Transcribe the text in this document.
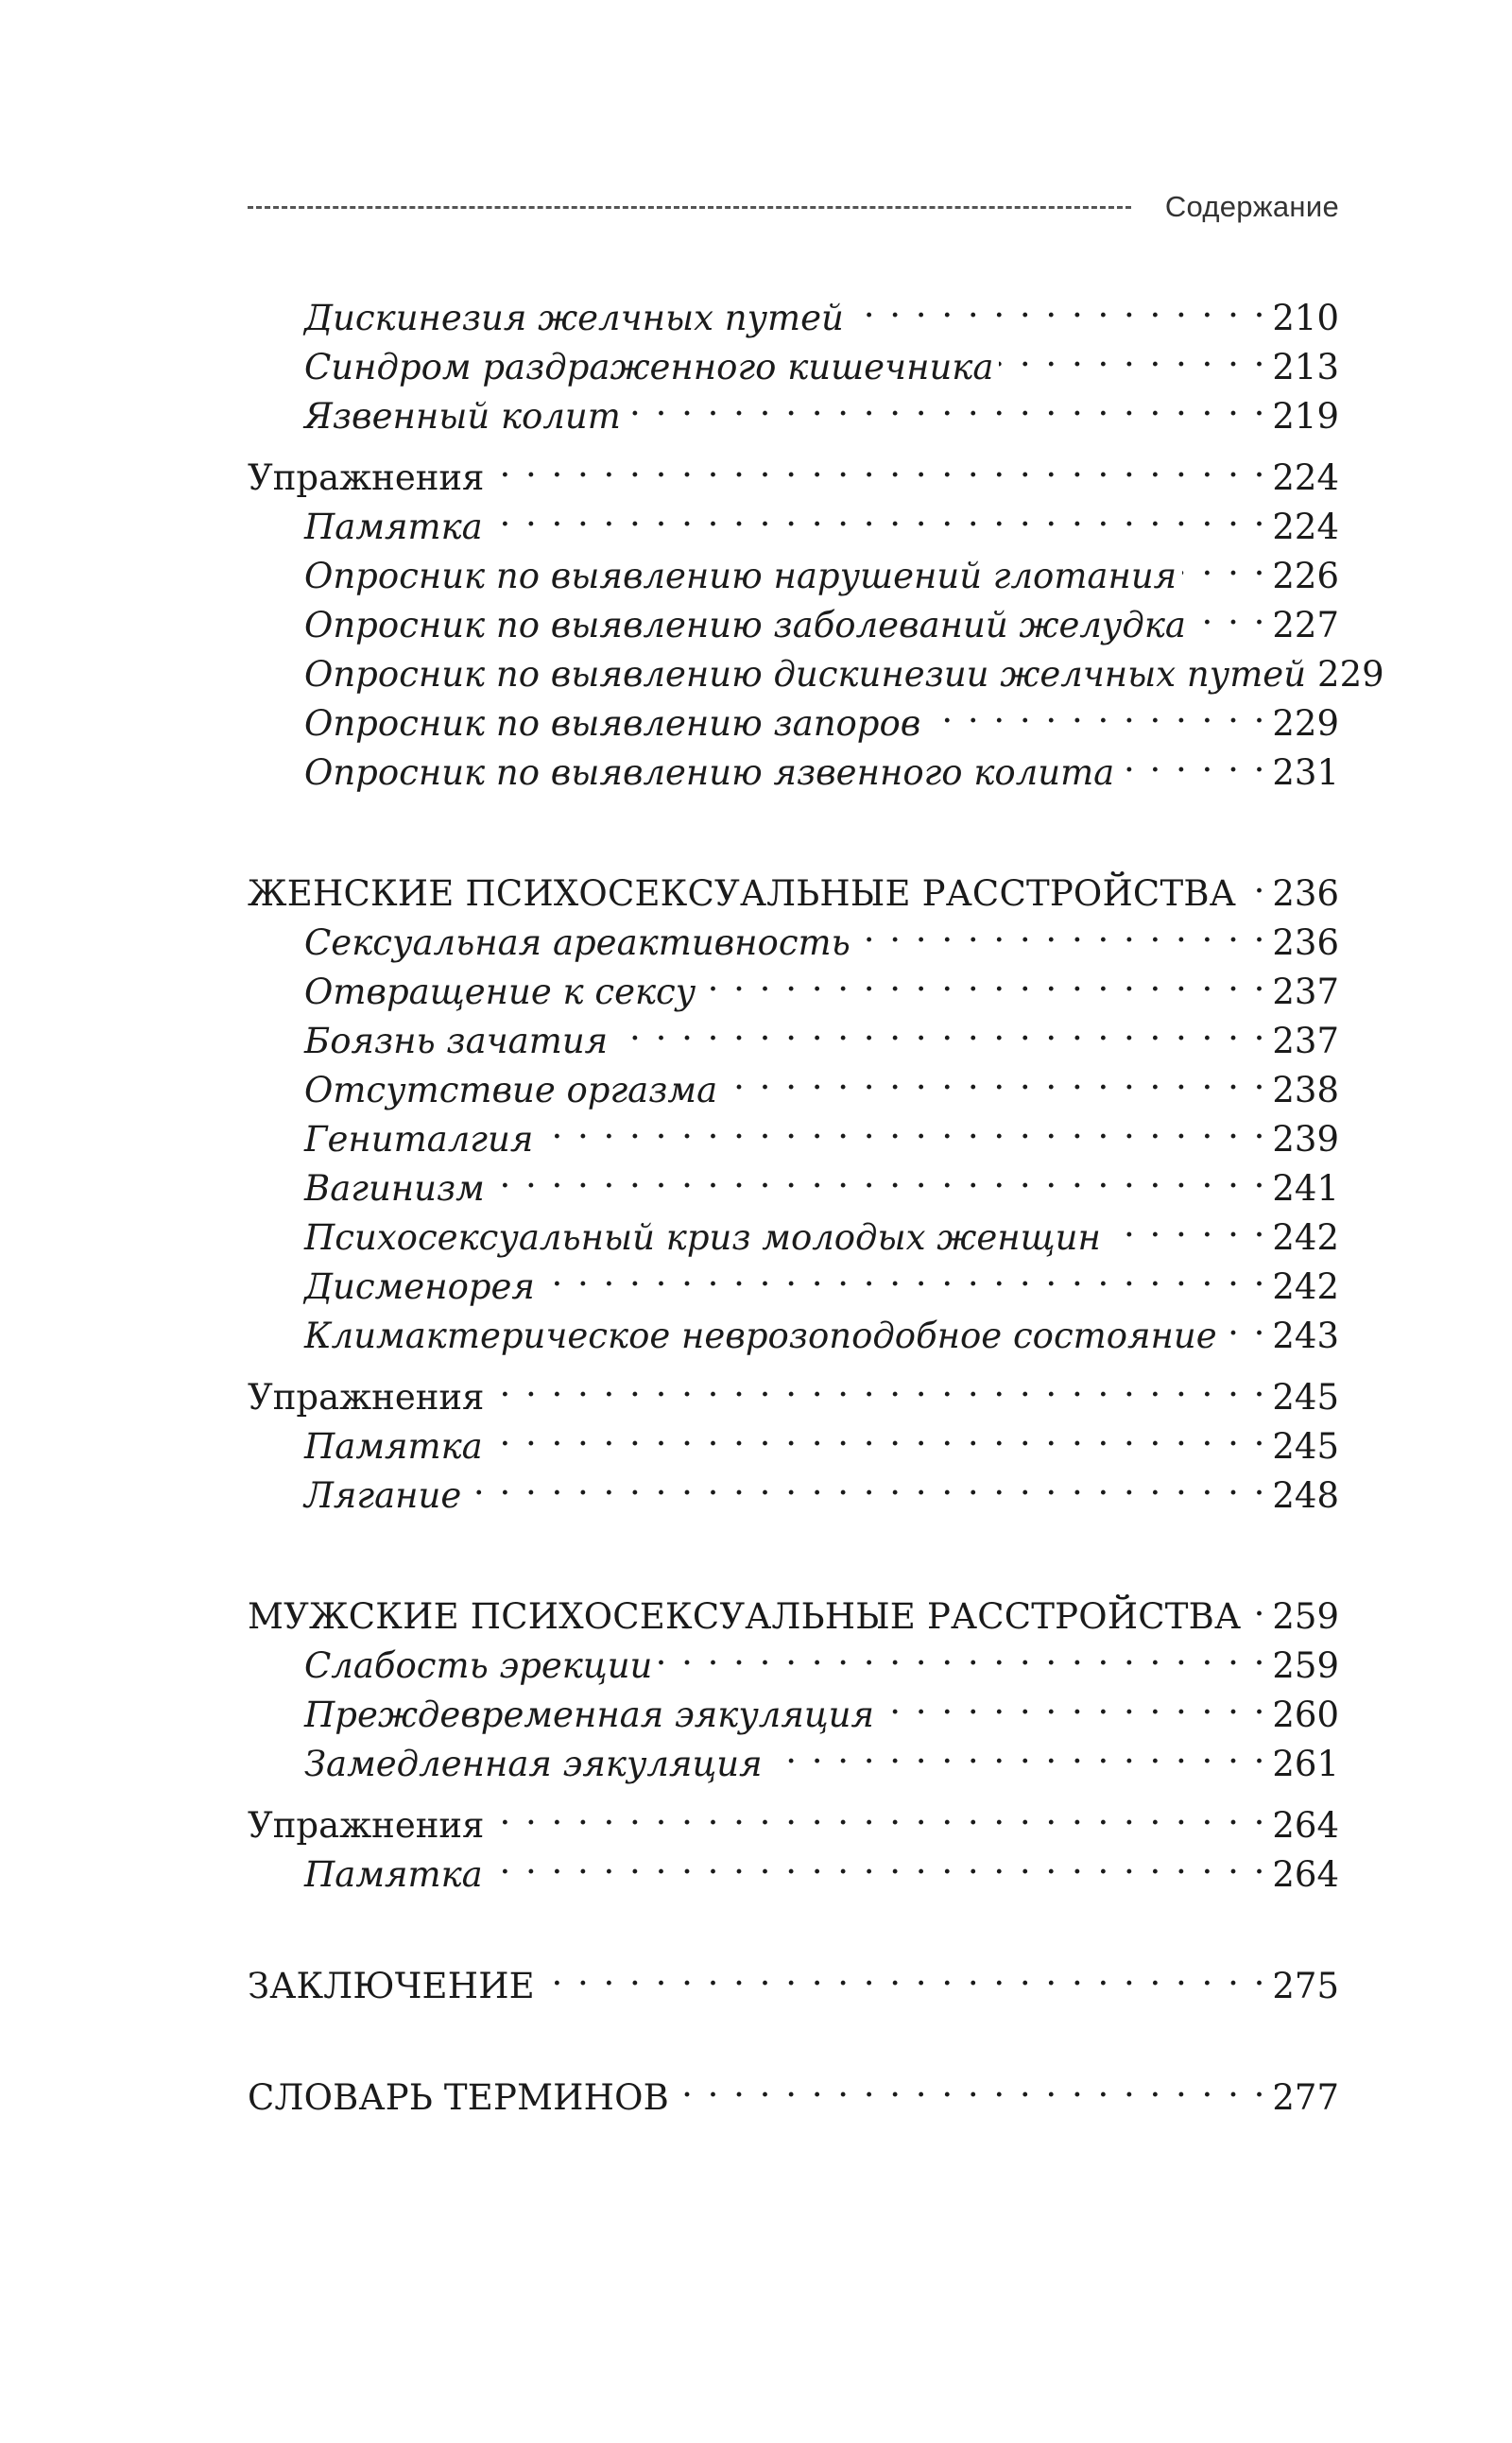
Содержание
Дискинезия желчных путей . . .	210
Синдром раздраженного кишечника . . .	213
Язвенный колит . . .	219
Упражнения . . .	224
Памятка . . .	224
Опросник по выявлению нарушений глотания . . .	226
Опросник по выявлению заболеваний желудка . . . 227
Опросник по выявлению дискинезии желчных путей 229
Опросник по выявлению запоров . . .	229
Опросник по выявлению язвенного колита . . .	231
ЖЕНСКИЕ ПСИХОСЕКСУАЛЬНЫЕ РАССТРОЙСТВА . . . 236
Сексуальная ареактивность . . .	236
Отвращение к сексу . . .	237
Боязнь зачатия . . .	237
Отсутствие оргазма . . .	238
Гениталгия . . .	239
Вагинизм . . .	241
Психосексуальный криз молодых женщин . . .	242
Дисменорея . . .	242
Климактерическое неврозоподобное состояние . . . 243
Упражнения . . .	245
Памятка . . .	245
Лягание . . .	248
МУЖСКИЕ ПСИХОСЕКСУАЛЬНЫЕ РАССТРОЙСТВА . . . 259
Слабость эрекции . . .	259
Преждевременная эякуляция . . .	260
Замедленная эякуляция . . .	261
Упражнения . . .	264
Памятка . . .	264
ЗАКЛЮЧЕНИЕ . . .	275
СЛОВАРЬ ТЕРМИНОВ . . .	277
